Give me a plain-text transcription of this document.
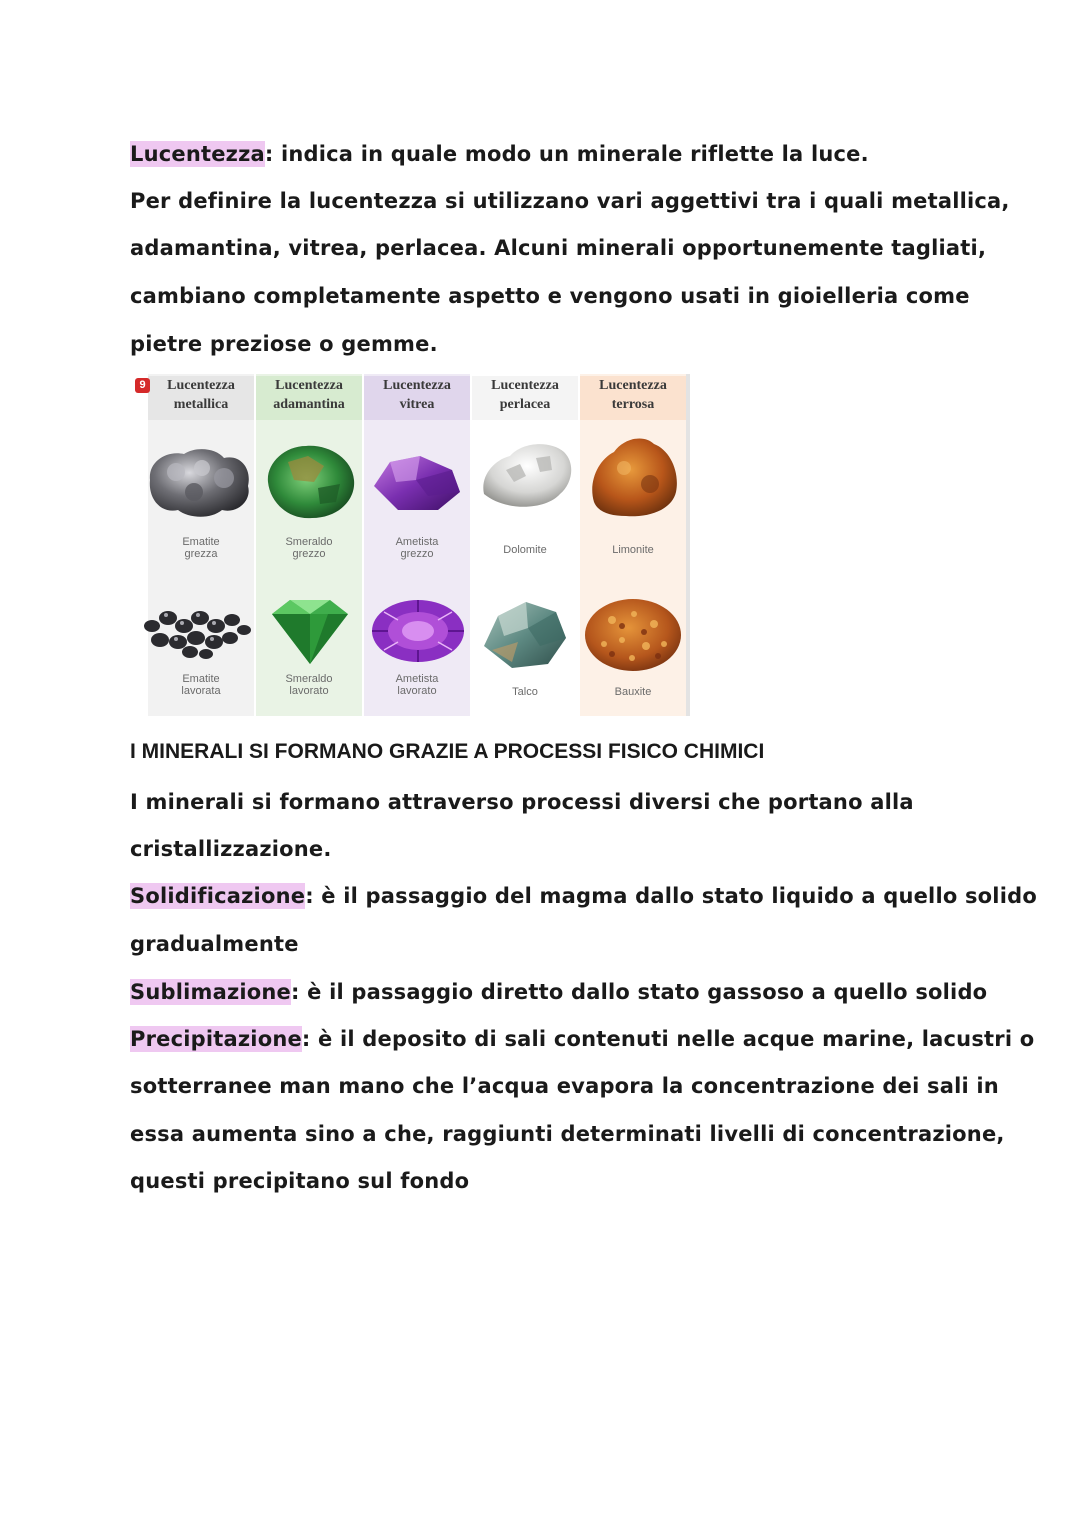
Lucentezza: indica in quale modo un minerale riflette la luce.
Per definire la lucentezza si utilizzano vari aggettivi tra i quali metallica,
adamantina, vitrea, perlacea. Alcuni minerali opportunemente tagliati,
cambiano completamente aspetto e vengono usati in gioielleria come
pietre preziose o gemme.
Lucentezza
metallica
Ematite
grezza
Ematite
lavorata
Lucentezza
adamantina
Smeraldo
grezzo
Smeraldo
lavorato
Lucentezza
vitrea
Ametista
grezzo
Ametista
lavorato
Lucentezza
perlacea
Dolomite
Talco
Lucentezza
terrosa
Limonite
Bauxite
9
I MINERALI SI FORMANO GRAZIE A PROCESSI FISICO CHIMICI
I minerali si formano attraverso processi diversi che portano alla
cristallizzazione.
Solidificazione: è il passaggio del magma dallo stato liquido a quello solido
gradualmente
Sublimazione: è il passaggio diretto dallo stato gassoso a quello solido
Precipitazione: è il deposito di sali contenuti nelle acque marine, lacustri o
sotterranee man mano che l’acqua evapora la concentrazione dei sali in
essa aumenta sino a che, raggiunti determinati livelli di concentrazione,
questi precipitano sul fondo
